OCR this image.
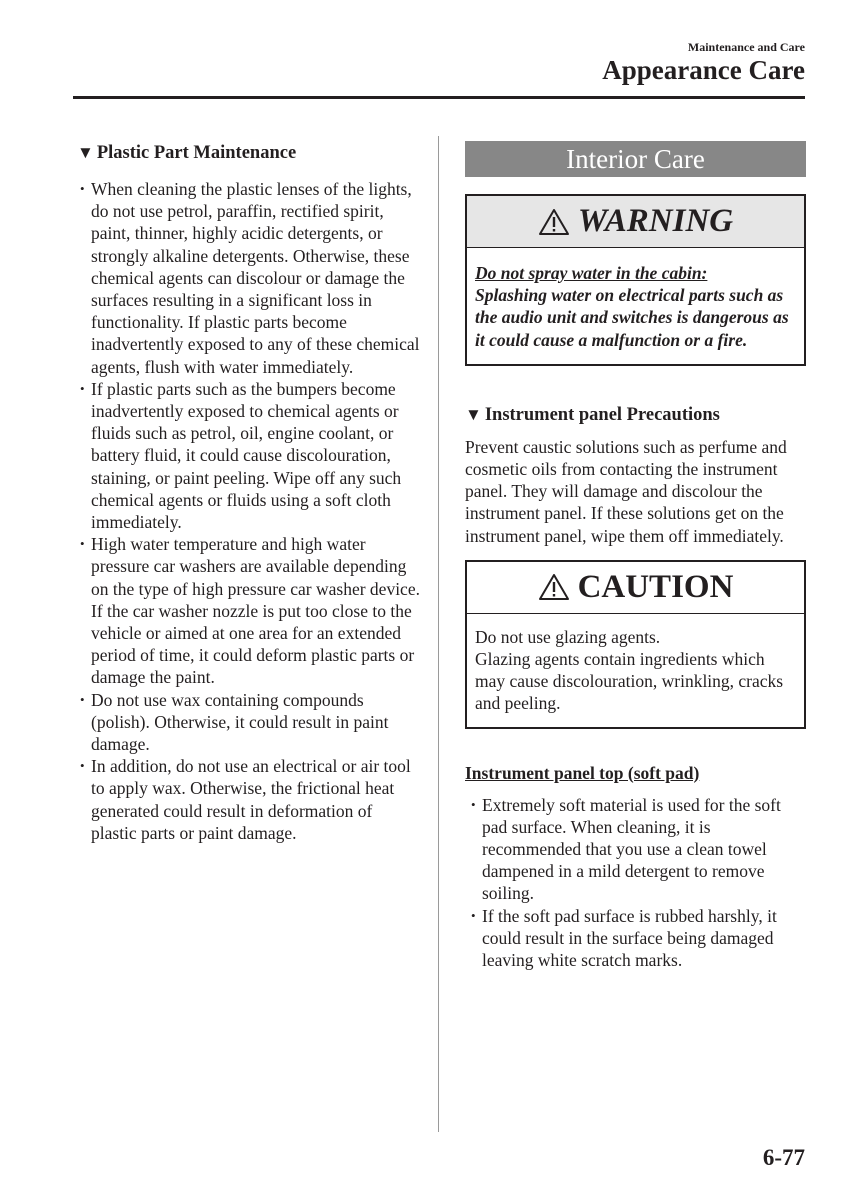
Maintenance and Care
Appearance Care
▼ Plastic Part Maintenance
• When cleaning the plastic lenses of the lights, do not use petrol, paraffin, rectified spirit, paint, thinner, highly acidic detergents, or strongly alkaline detergents. Otherwise, these chemical agents can discolour or damage the surfaces resulting in a significant loss in functionality. If plastic parts become inadvertently exposed to any of these chemical agents, flush with water immediately.
• If plastic parts such as the bumpers become inadvertently exposed to chemical agents or fluids such as petrol, oil, engine coolant, or battery fluid, it could cause discolouration, staining, or paint peeling. Wipe off any such chemical agents or fluids using a soft cloth immediately.
• High water temperature and high water pressure car washers are available depending on the type of high pressure car washer device. If the car washer nozzle is put too close to the vehicle or aimed at one area for an extended period of time, it could deform plastic parts or damage the paint.
• Do not use wax containing compounds (polish). Otherwise, it could result in paint damage.
• In addition, do not use an electrical or air tool to apply wax. Otherwise, the frictional heat generated could result in deformation of plastic parts or paint damage.
Interior Care
WARNING
Do not spray water in the cabin:
Splashing water on electrical parts such as the audio unit and switches is dangerous as it could cause a malfunction or a fire.
▼ Instrument panel Precautions

Prevent caustic solutions such as perfume and cosmetic oils from contacting the instrument panel. They will damage and discolour the instrument panel. If these solutions get on the instrument panel, wipe them off immediately.

CAUTION
Do not use glazing agents.
Glazing agents contain ingredients which may cause discolouration, wrinkling, cracks and peeling.
Instrument panel top (soft pad)
• Extremely soft material is used for the soft pad surface. When cleaning, it is recommended that you use a clean towel dampened in a mild detergent to remove soiling.
• If the soft pad surface is rubbed harshly, it could result in the surface being damaged leaving white scratch marks.
6-77
